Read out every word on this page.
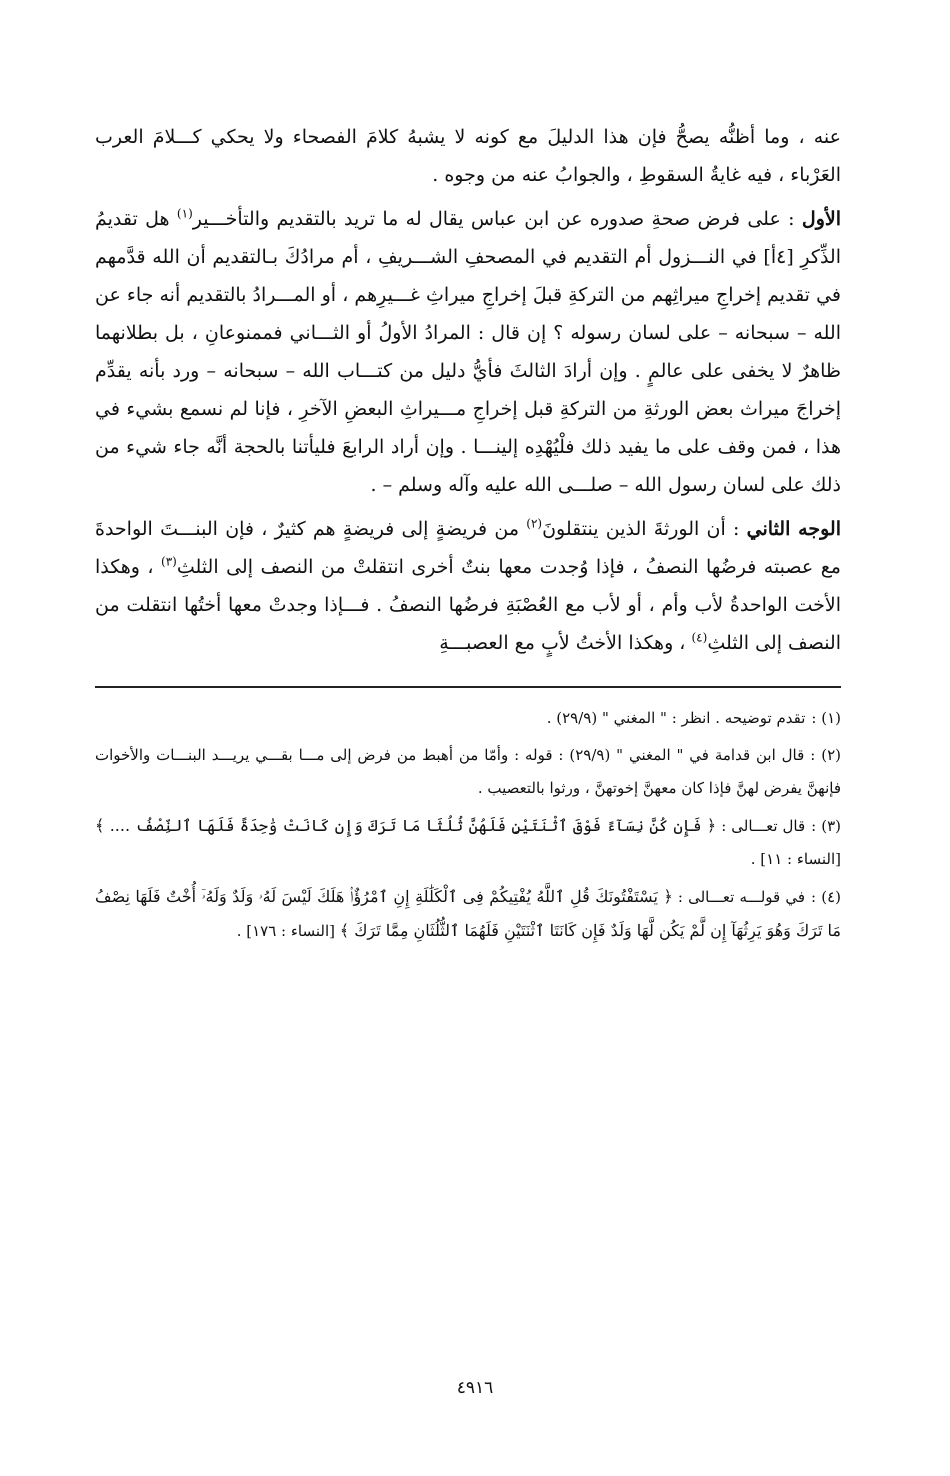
عنه ، وما أظنُّه يصحُّ فإن هذا الدليلَ مع كونه لا يشبهُ كلامَ الفصحاء ولا يحكي كـــلامَ العرب العَرْباء ، فيه غايةُ السقوطِ ، والجوابُ عنه من وجوه .

الأول : على فرض صحةِ صدوره عن ابن عباس يقال له ما تريد بالتقديم والتأخـــير$^{(١)}$ هل تقديمُ الذِّكرِ [٤أ] في النـــزول أم التقديم في المصحفِ الشـــريفِ ، أم مرادُكَ بـالتقديم أن الله قدَّمهم في تقديم إخراجِ ميراثِهم من التركةِ قبلَ إخراجِ ميراثِ غـــيرِهم ، أو المـــرادُ بالتقديم أنه جاء عن الله – سبحانه – على لسان رسوله ؟ إن قال : المرادُ الأولُ أو الثـــاني فممنوعانِ ، بل بطلانهما ظاهرٌ لا يخفى على عالمٍ . وإن أرادَ الثالثَ فأيُّ دليل من كتـــاب الله – سبحانه – ورد بأنه يقدِّم إخراجَ ميراث بعض الورثةِ من التركةِ قبل إخراجِ مـــيراثِ البعضِ الآخرِ ، فإنا لم نسمع بشيء في هذا ، فمن وقف على ما يفيد ذلك فلْيُهْدِه إلينـــا . وإن أراد الرابعَ فليأتنا بالحجة أنَّه جاء شيء من ذلك على لسان رسول الله – صلـــى الله عليه وآله وسلم – .

الوجه الثاني : أن الورثةَ الذين ينتقلونَ$^{(٢)}$ من فريضةٍ إلى فريضةٍ هم كثيرٌ ، فإن البنـــتَ الواحدةَ مع عصبته فرضُها النصفُ ، فإذا وُجدت معها بنتٌ أخرى انتقلتْ من النصف إلى الثلثِ$^{(٣)}$ ، وهكذا الأخت الواحدةُ لأب وأم ، أو لأب مع العُصْبَةِ فرضُها النصفُ . فـــإذا وجدتْ معها أختُها انتقلت من النصف إلى الثلثِ$^{(٤)}$ ، وهكذا الأختُ لأبٍ مع العصبـــةِ

(١) :تقدم توضيحه . انظر : " المغني " (٢٩/٩) .

(٢) :قال ابن قدامة في " المغني " (٢٩/٩) : قوله : وأمّا من أهبط من فرض إلى مـــا بقـــي يريـــد البنـــات والأخوات فإنهنَّ يفرض لهنَّ فإذا كان معهنَّ إخوتهنَّ ، ورثوا بالتعصيب .

(٣) :قال تعـــالى : ﴿ فَإِن كُنَّ نِسَآءً فَوْقَ ٱثْنَتَيْنِ فَلَهُنَّ ثُلُثَا مَا تَرَكَ وَإِن كَانَتْ وَٰحِدَةً فَلَهَا ٱلنِّصْفُ .... ﴾ [النساء : ١١] .

(٤) :في قولـــه تعـــالى : ﴿ يَسْتَفْتُونَكَ قُلِ ٱللَّهُ يُفْتِيكُمْ فِى ٱلْكَلَٰلَةِ إِنِ ٱمْرُؤٌا۟ هَلَكَ لَيْسَ لَهُۥ وَلَدٌ وَلَهُۥٓ أُخْتٌ فَلَهَا نِصْفُ مَا تَرَكَ وَهُوَ يَرِثُهَآ إِن لَّمْ يَكُن لَّهَا وَلَدٌ فَإِن كَانَتَا ٱثْنَتَيْنِ فَلَهُمَا ٱلثُّلُثَانِ مِمَّا تَرَكَ ﴾ [النساء : ١٧٦] .

٤٩١٦
